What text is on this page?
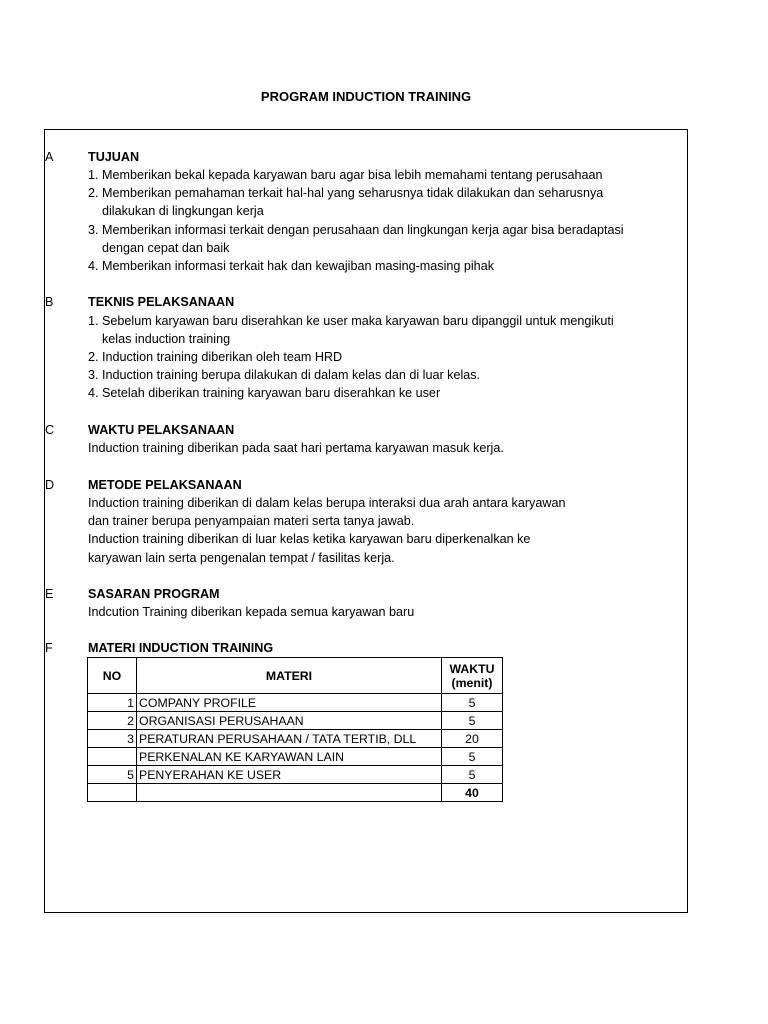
PROGRAM INDUCTION TRAINING
A	TUJUAN
1. Memberikan bekal kepada karyawan baru agar bisa lebih memahami tentang perusahaan
2. Memberikan pemahaman terkait hal-hal yang seharusnya tidak dilakukan dan seharusnya
dilakukan di lingkungan kerja
3. Memberikan informasi terkait dengan perusahaan dan lingkungan kerja agar bisa beradaptasi
dengan cepat dan baik
4. Memberikan informasi terkait hak dan kewajiban masing-masing pihak
B	TEKNIS PELAKSANAAN
1. Sebelum karyawan baru diserahkan ke user maka karyawan baru dipanggil untuk mengikuti
kelas induction training
2. Induction training diberikan oleh team HRD
3. Induction training berupa dilakukan di dalam kelas dan di luar kelas.
4. Setelah diberikan training karyawan baru diserahkan ke user
C	WAKTU PELAKSANAAN
Induction training diberikan pada saat hari pertama karyawan masuk kerja.
D	METODE PELAKSANAAN
Induction training diberikan di dalam kelas berupa interaksi dua arah antara karyawan
dan trainer berupa penyampaian materi serta tanya jawab.
Induction training diberikan di luar kelas ketika karyawan baru diperkenalkan ke
karyawan lain serta pengenalan tempat / fasilitas kerja.
E	SASARAN PROGRAM
Indcution Training diberikan kepada semua karyawan baru
F	MATERI INDUCTION TRAINING
NO	MATERI	WAKTU
(menit)
1	COMPANY PROFILE	5
2	ORGANISASI PERUSAHAAN	5
3	PERATURAN PERUSAHAAN / TATA TERTIB, DLL	20
	PERKENALAN KE KARYAWAN LAIN	5
5	PENYERAHAN KE USER	5
		40
